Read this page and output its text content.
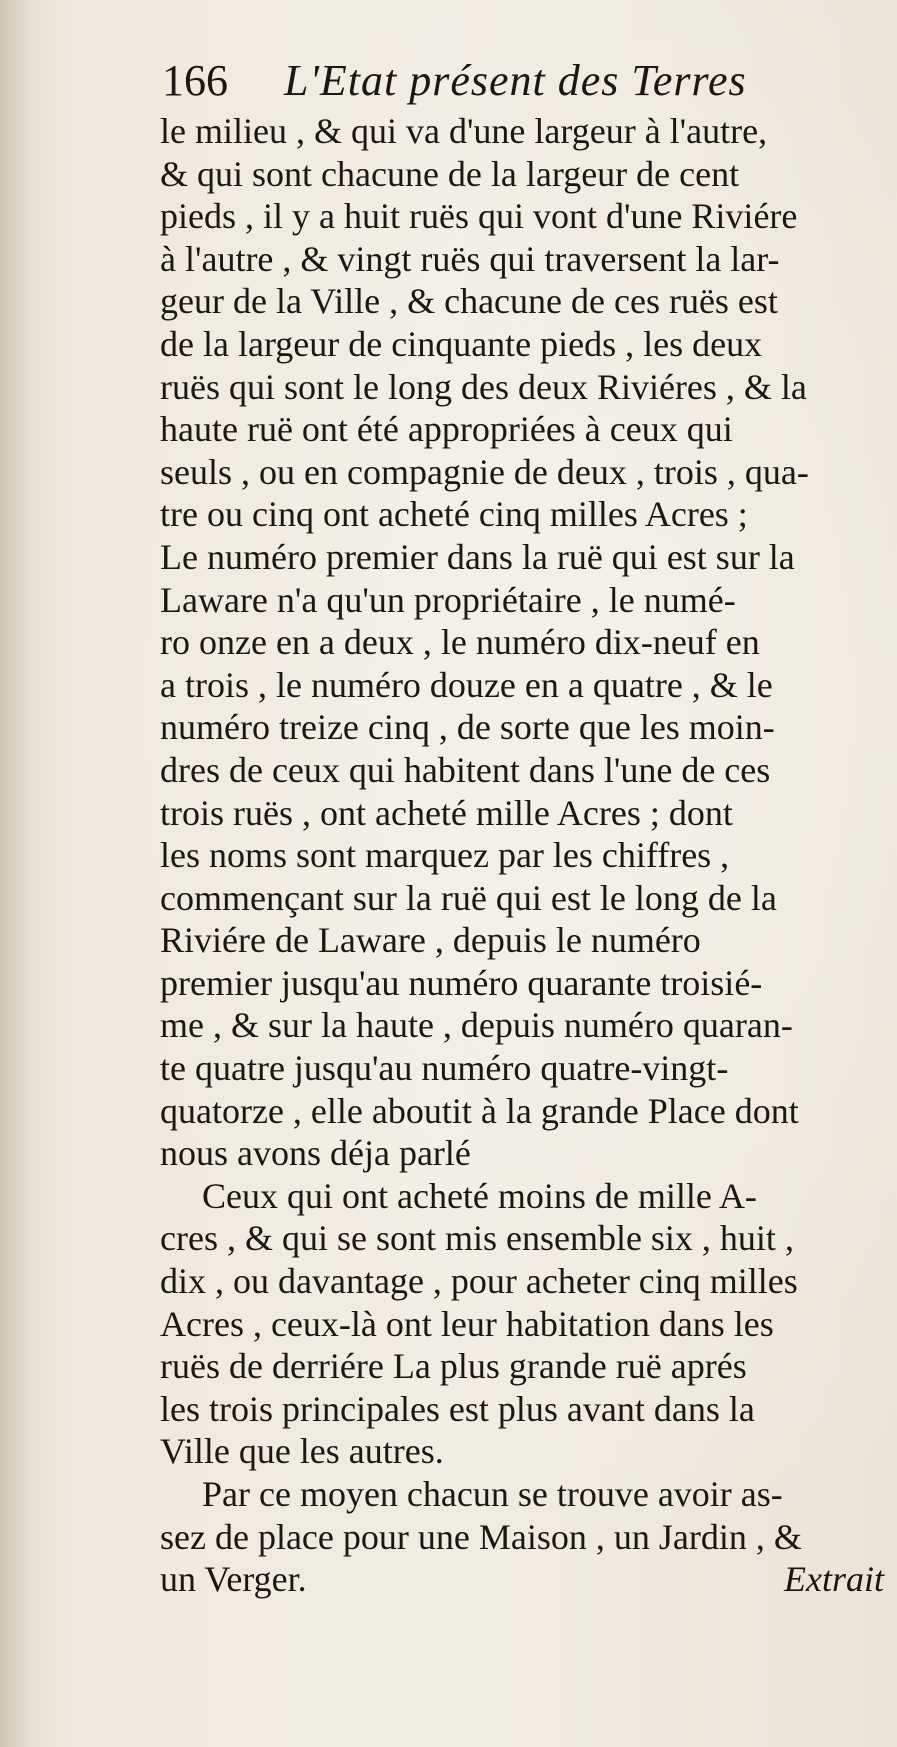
166 L'Etat présent des Terres
le milieu , & qui va d'une largeur à l'autre,
& qui sont chacune de la largeur de cent
pieds , il y a huit ruës qui vont d'une Riviére
à l'autre , & vingt ruës qui traversent la lar-
geur de la Ville , & chacune de ces ruës est
de la largeur de cinquante pieds , les deux
ruës qui sont le long des deux Riviéres , & la
haute ruë ont été appropriées à ceux qui
seuls , ou en compagnie de deux , trois , qua-
tre ou cinq ont acheté cinq milles Acres ;
Le numéro premier dans la ruë qui est sur la
Laware n'a qu'un propriétaire , le numé-
ro onze en a deux , le numéro dix-neuf en
a trois , le numéro douze en a quatre , & le
numéro treize cinq , de sorte que les moin-
dres de ceux qui habitent dans l'une de ces
trois ruës , ont acheté mille Acres ; dont
les noms sont marquez par les chiffres ,
commençant sur la ruë qui est le long de la
Riviére de Laware , depuis le numéro
premier jusqu'au numéro quarante troisié-
me , & sur la haute , depuis numéro quaran-
te quatre jusqu'au numéro quatre-vingt-
quatorze , elle aboutit à la grande Place dont
nous avons déja parlé
Ceux qui ont acheté moins de mille A-
cres , & qui se sont mis ensemble six , huit ,
dix , ou davantage , pour acheter cinq milles
Acres , ceux-là ont leur habitation dans les
ruës de derriére La plus grande ruë aprés
les trois principales est plus avant dans la
Ville que les autres.
Par ce moyen chacun se trouve avoir as-
sez de place pour une Maison , un Jardin , &
un Verger.	Extrait
